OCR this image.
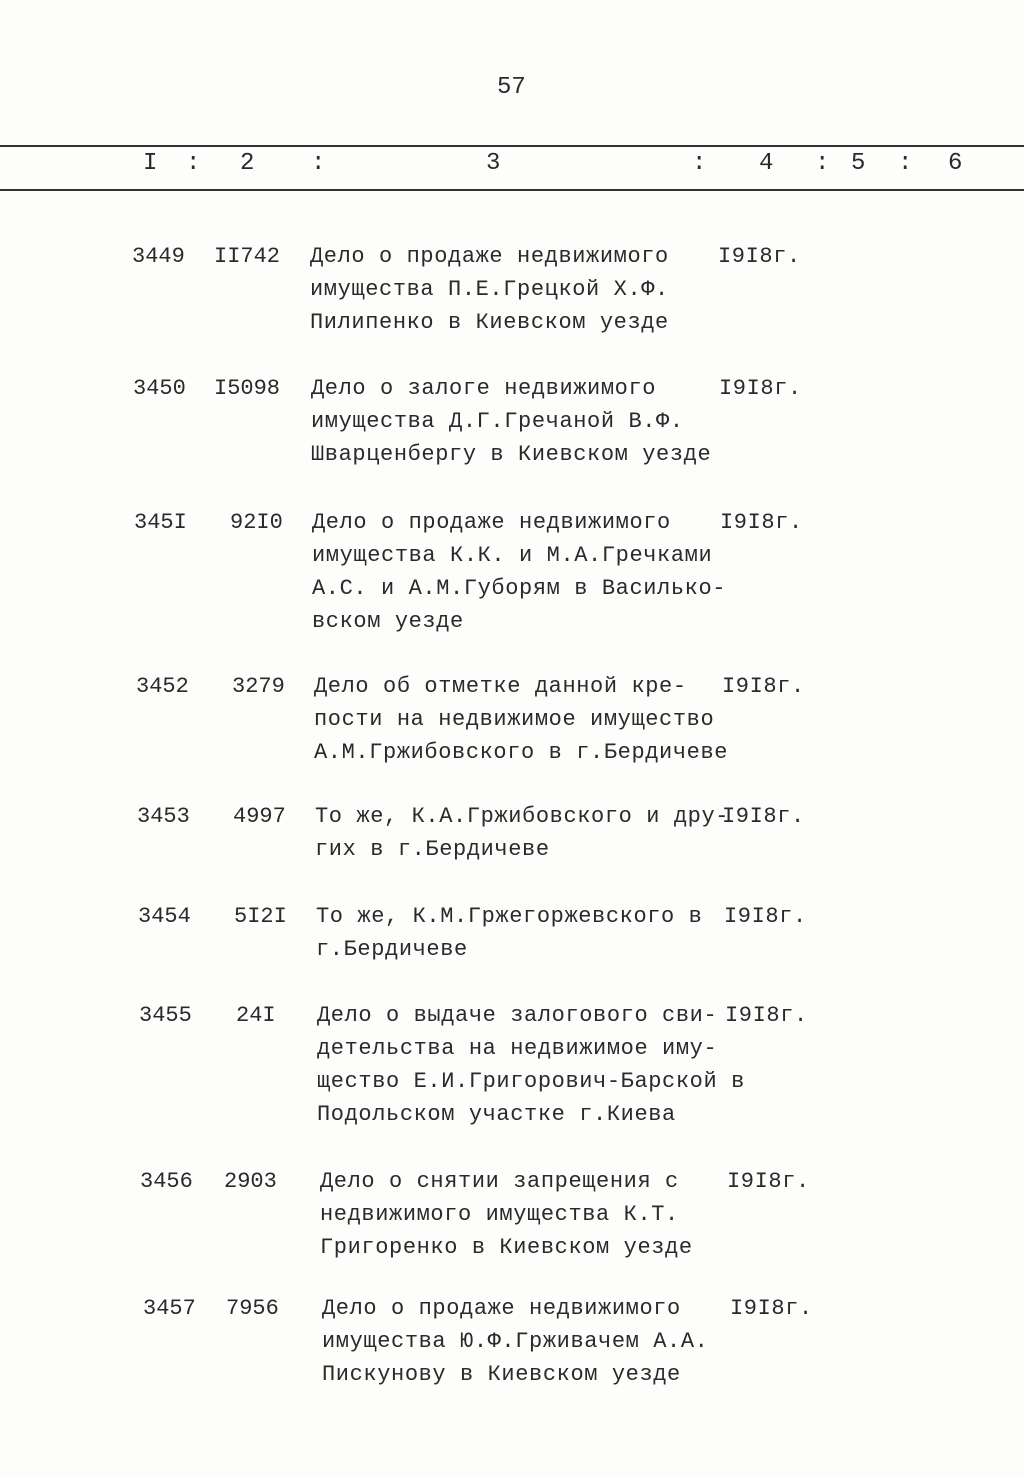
57
I : 2 :	3	: 4 : 5 : 6
3449 II742 Дело о продаже недвижимого
имущества П.Е.Грецкой Х.Ф.
Пилипенко в Киевском уезде
I9I8г.
3450 I5098 Дело о залоге недвижимого
имущества Д.Г.Гречаной В.Ф.
Шварценбергу в Киевском уезде
I9I8г.
345I 92I0 Дело о продаже недвижимого
имущества К.К. и М.А.Гречками
А.С. и А.М.Губорям в Василько-
вском уезде
I9I8г.
3452 3279 Дело об отметке данной кре-
пости на недвижимое имущество
А.М.Гржибовского в г.Бердичеве
I9I8г.
3453 4997 То же, К.А.Гржибовского и дру-
гих в г.Бердичеве
I9I8г.
3454 5I2I То же, К.М.Гржегоржевского в
г.Бердичеве
I9I8г.
3455 24I Дело о выдаче залогового сви-
детельства на недвижимое иму-
щество Е.И.Григорович-Барской в
Подольском участке г.Киева
I9I8г.
3456 2903 Дело о снятии запрещения с
недвижимого имущества К.Т.
Григоренко в Киевском уезде
I9I8г.
3457 7956 Дело о продаже недвижимого
имущества Ю.Ф.Грживачем А.А.
Пискунову в Киевском уезде
I9I8г.
